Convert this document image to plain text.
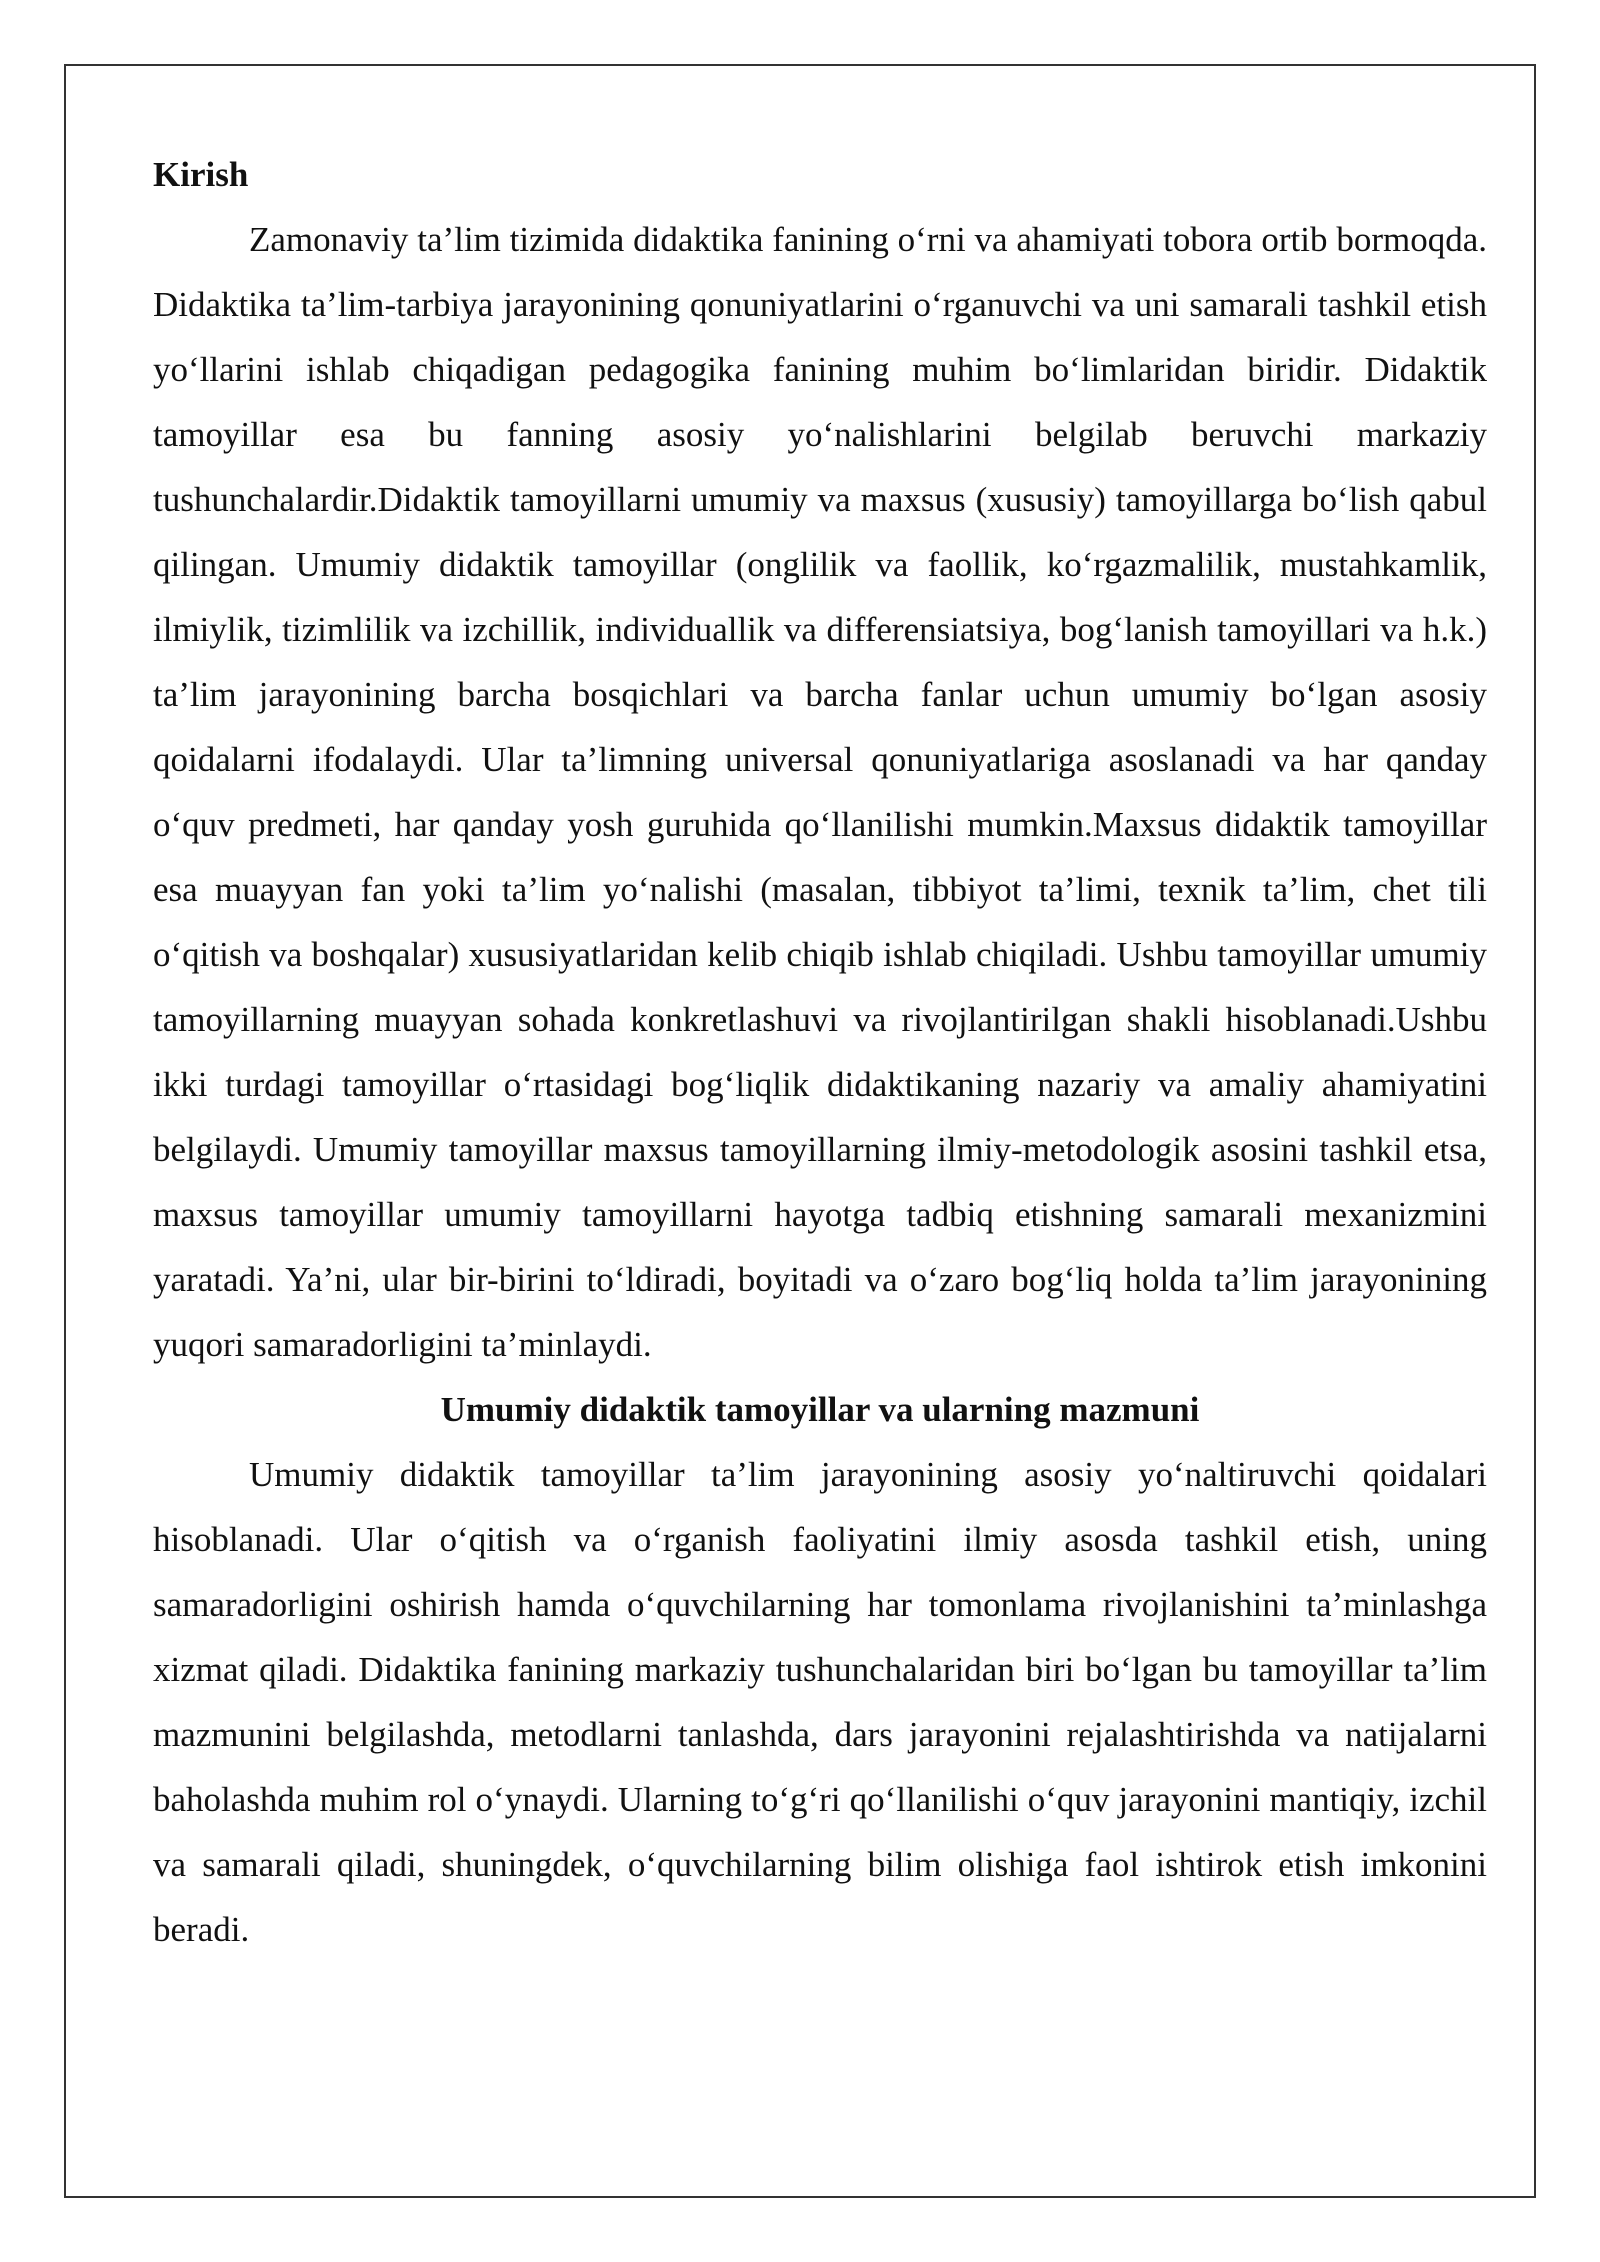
Kirish

Zamonaviy ta’lim tizimida didaktika fanining o‘rni va ahamiyati tobora ortib bormoqda. Didaktika ta’lim-tarbiya jarayonining qonuniyatlarini o‘rganuvchi va uni samarali tashkil etish yo‘llarini ishlab chiqadigan pedagogika fanining muhim bo‘limlaridan biridir. Didaktik tamoyillar esa bu fanning asosiy yo‘nalishlarini belgilab beruvchi markaziy tushunchalardir.Didaktik tamoyillarni umumiy va maxsus (xususiy) tamoyillarga bo‘lish qabul qilingan. Umumiy didaktik tamoyillar (onglilik va faollik, ko‘rgazmalilik, mustahkamlik, ilmiylik, tizimlilik va izchillik, individuallik va differensiatsiya, bog‘lanish tamoyillari va h.k.) ta’lim jarayonining barcha bosqichlari va barcha fanlar uchun umumiy bo‘lgan asosiy qoidalarni ifodalaydi. Ular ta’limning universal qonuniyatlariga asoslanadi va har qanday o‘quv predmeti, har qanday yosh guruhida qo‘llanilishi mumkin.Maxsus didaktik tamoyillar esa muayyan fan yoki ta’lim yo‘nalishi (masalan, tibbiyot ta’limi, texnik ta’lim, chet tili o‘qitish va boshqalar) xususiyatlaridan kelib chiqib ishlab chiqiladi. Ushbu tamoyillar umumiy tamoyillarning muayyan sohada konkretlashuvi va rivojlantirilgan shakli hisoblanadi.Ushbu ikki turdagi tamoyillar o‘rtasidagi bog‘liqlik didaktikaning nazariy va amaliy ahamiyatini belgilaydi. Umumiy tamoyillar maxsus tamoyillarning ilmiy-metodologik asosini tashkil etsa, maxsus tamoyillar umumiy tamoyillarni hayotga tadbiq etishning samarali mexanizmini yaratadi. Ya’ni, ular bir-birini to‘ldiradi, boyitadi va o‘zaro bog‘liq holda ta’lim jarayonining yuqori samaradorligini ta’minlaydi.

Umumiy didaktik tamoyillar va ularning mazmuni

Umumiy didaktik tamoyillar ta’lim jarayonining asosiy yo‘naltiruvchi qoidalari hisoblanadi. Ular o‘qitish va o‘rganish faoliyatini ilmiy asosda tashkil etish, uning samaradorligini oshirish hamda o‘quvchilarning har tomonlama rivojlanishini ta’minlashga xizmat qiladi. Didaktika fanining markaziy tushunchalaridan biri bo‘lgan bu tamoyillar ta’lim mazmunini belgilashda, metodlarni tanlashda, dars jarayonini rejalashtirishda va natijalarni baholashda muhim rol o‘ynaydi. Ularning to‘g‘ri qo‘llanilishi o‘quv jarayonini mantiqiy, izchil va samarali qiladi, shuningdek, o‘quvchilarning bilim olishiga faol ishtirok etish imkonini beradi.
